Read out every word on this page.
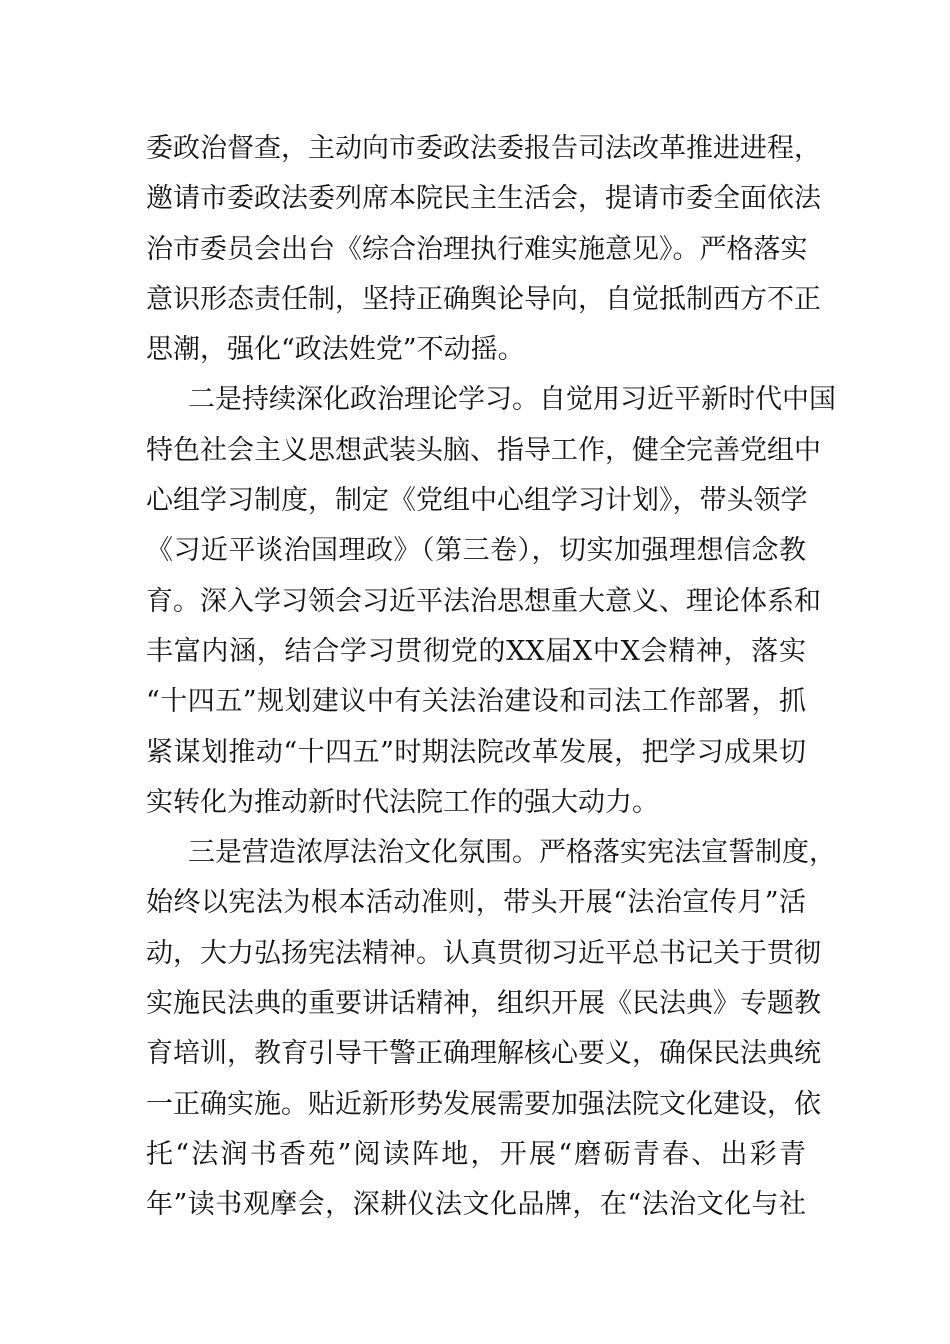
委政治督查，主动向市委政法委报告司法改革推进进程，
邀请市委政法委列席本院民主生活会，提请市委全面依法
治市委员会出台《综合治理执行难实施意见》。严格落实
意识形态责任制，坚持正确舆论导向，自觉抵制西方不正
思潮，强化“政法姓党”不动摇。
二是持续深化政治理论学习。自觉用习近平新时代中国
特色社会主义思想武装头脑、指导工作，健全完善党组中
心组学习制度，制定《党组中心组学习计划》，带头领学
《习近平谈治国理政》（第三卷），切实加强理想信念教
育。深入学习领会习近平法治思想重大意义、理论体系和
丰富内涵，结合学习贯彻党的XX届X中X会精神，落实
“十四五”规划建议中有关法治建设和司法工作部署，抓
紧谋划推动“十四五”时期法院改革发展，把学习成果切
实转化为推动新时代法院工作的强大动力。
三是营造浓厚法治文化氛围。严格落实宪法宣誓制度，
始终以宪法为根本活动准则，带头开展“法治宣传月”活
动，大力弘扬宪法精神。认真贯彻习近平总书记关于贯彻
实施民法典的重要讲话精神，组织开展《民法典》专题教
育培训，教育引导干警正确理解核心要义，确保民法典统
一正确实施。贴近新形势发展需要加强法院文化建设，依
托“法润书香苑”阅读阵地，开展“磨砺青春、出彩青
年”读书观摩会，深耕仪法文化品牌，在“法治文化与社
